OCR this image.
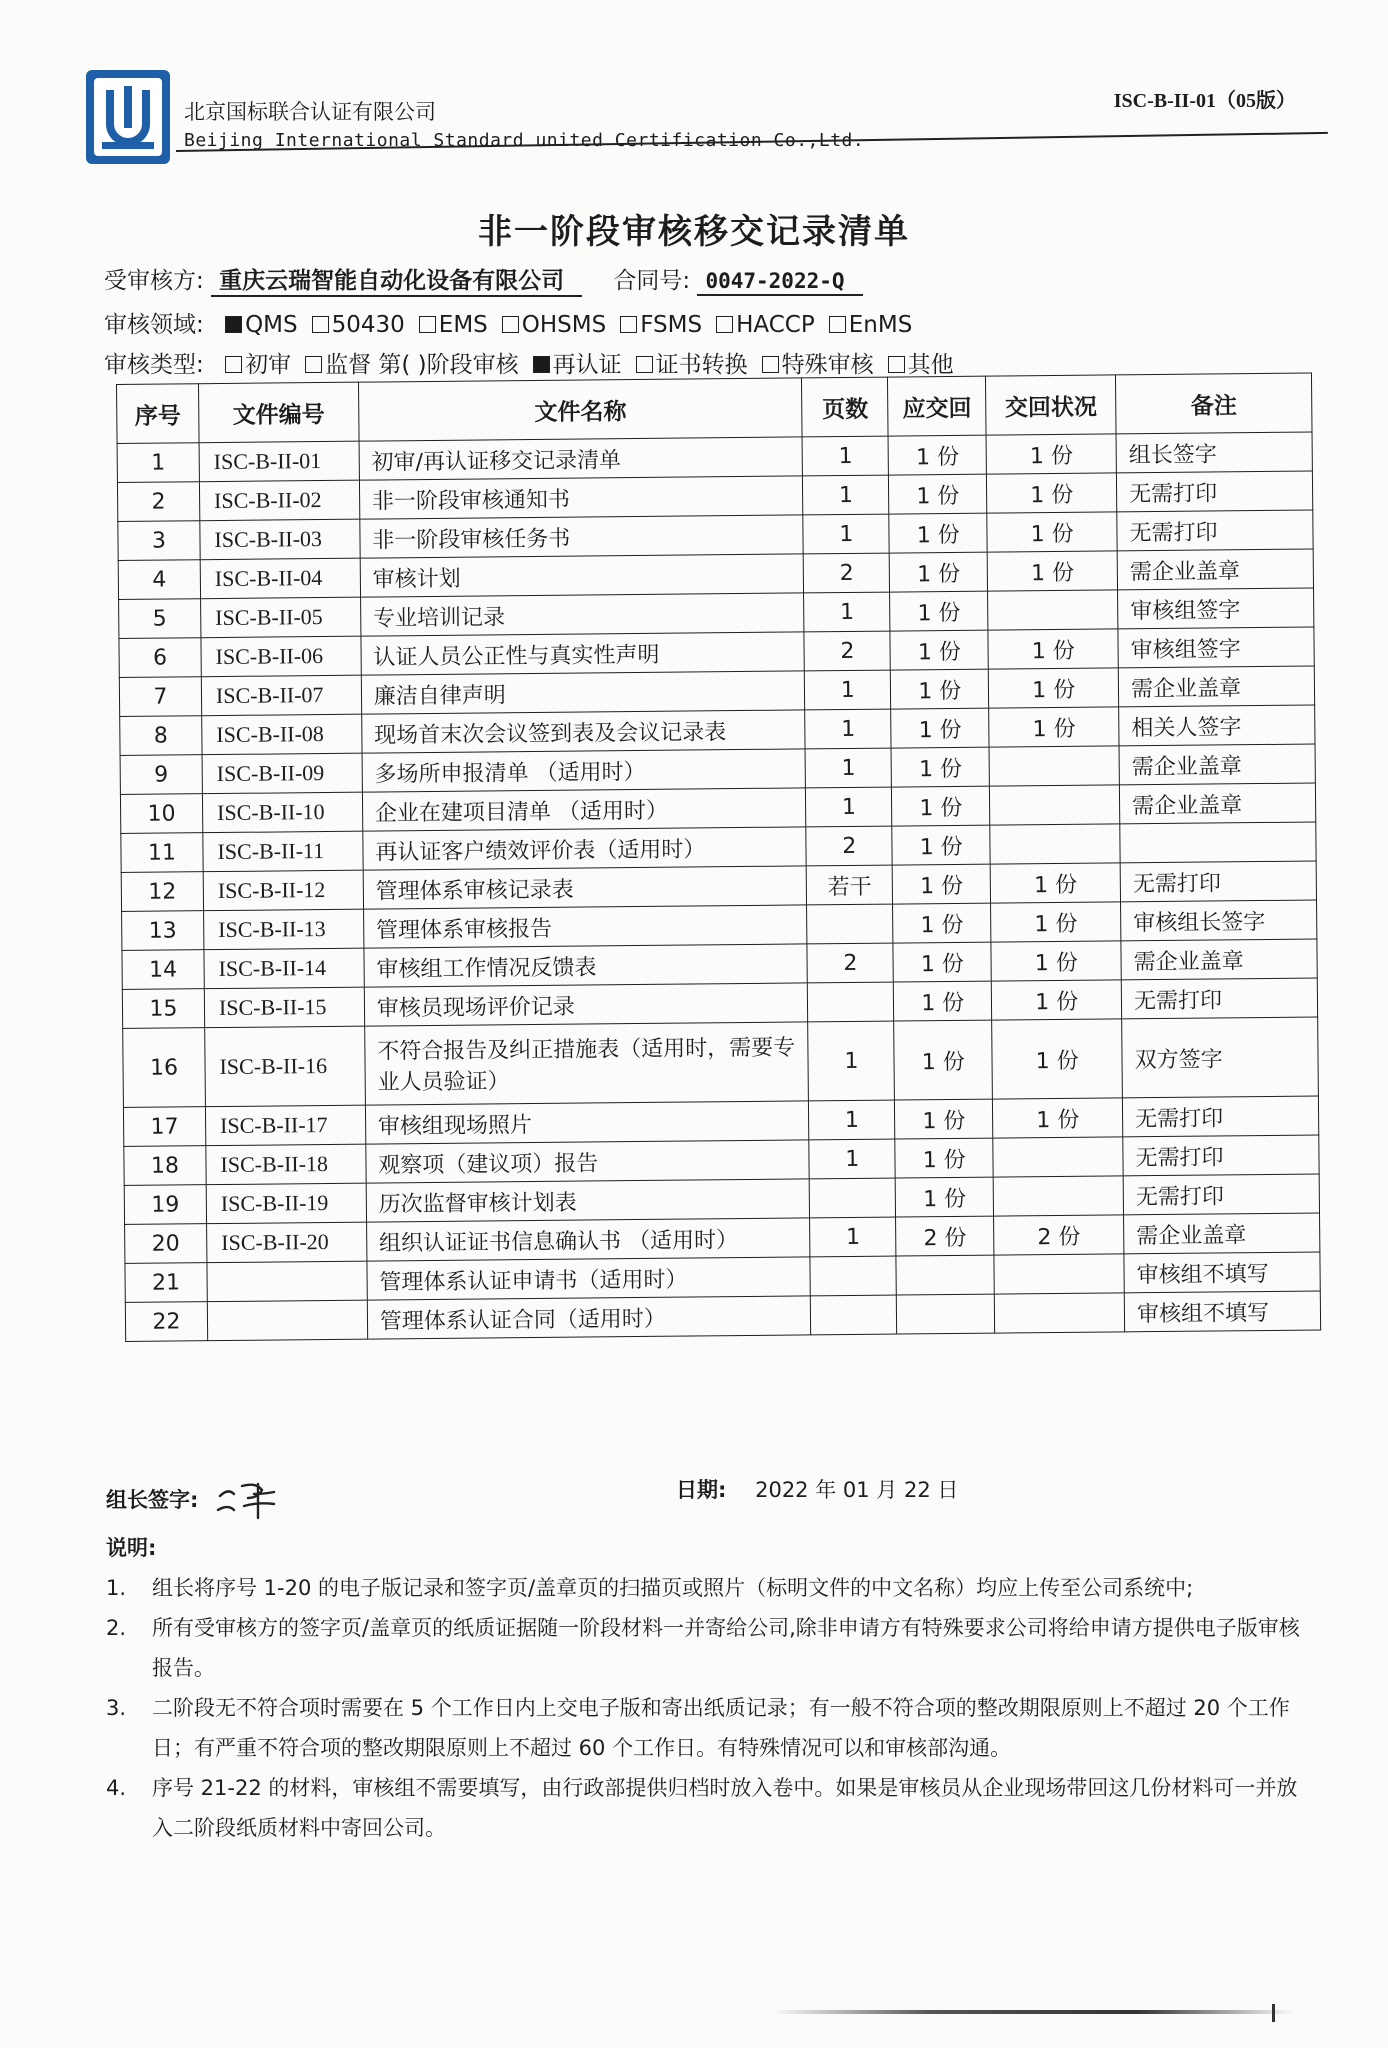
北京国标联合认证有限公司
Beijing International Standard united Certification Co.,Ltd.
ISC-B-II-01（05版）
非一阶段审核移交记录清单
受审核方: 重庆云瑞智能自动化设备有限公司 合同号: 0047-2022-Q
审核领域: QMS 50430 EMS OHSMS FSMS HACCP EnMS
审核类型: 初审 监督 第( )阶段审核 再认证 证书转换 特殊审核 其他
序号	文件编号	文件名称	页数	应交回	交回状况	备注
1	ISC-B-II-01	初审/再认证移交记录清单	1	1 份	1 份	组长签字
2	ISC-B-II-02	非一阶段审核通知书	1	1 份	1 份	无需打印
3	ISC-B-II-03	非一阶段审核任务书	1	1 份	1 份	无需打印
4	ISC-B-II-04	审核计划	2	1 份	1 份	需企业盖章
5	ISC-B-II-05	专业培训记录	1	1 份		审核组签字
6	ISC-B-II-06	认证人员公正性与真实性声明	2	1 份	1 份	审核组签字
7	ISC-B-II-07	廉洁自律声明	1	1 份	1 份	需企业盖章
8	ISC-B-II-08	现场首末次会议签到表及会议记录表	1	1 份	1 份	相关人签字
9	ISC-B-II-09	多场所申报清单 （适用时）	1	1 份		需企业盖章
10	ISC-B-II-10	企业在建项目清单 （适用时）	1	1 份		需企业盖章
11	ISC-B-II-11	再认证客户绩效评价表（适用时）	2	1 份		
12	ISC-B-II-12	管理体系审核记录表	若干	1 份	1 份	无需打印
13	ISC-B-II-13	管理体系审核报告		1 份	1 份	审核组长签字
14	ISC-B-II-14	审核组工作情况反馈表	2	1 份	1 份	需企业盖章
15	ISC-B-II-15	审核员现场评价记录		1 份	1 份	无需打印
16	ISC-B-II-16	不符合报告及纠正措施表（适用时，需要专业人员验证）	1	1 份	1 份	双方签字
17	ISC-B-II-17	审核组现场照片	1	1 份	1 份	无需打印
18	ISC-B-II-18	观察项（建议项）报告	1	1 份		无需打印
19	ISC-B-II-19	历次监督审核计划表		1 份		无需打印
20	ISC-B-II-20	组织认证证书信息确认书 （适用时）	1	2 份	2 份	需企业盖章
21		管理体系认证申请书（适用时）				审核组不填写
22		管理体系认证合同（适用时）				审核组不填写
组长签字:	日期: 2022 年 01 月 22 日
说明:
1.	组长将序号 1-20 的电子版记录和签字页/盖章页的扫描页或照片（标明文件的中文名称）均应上传至公司系统中;
2.	所有受审核方的签字页/盖章页的纸质证据随一阶段材料一并寄给公司,除非申请方有特殊要求公司将给申请方提供电子版审核报告。
3.	二阶段无不符合项时需要在 5 个工作日内上交电子版和寄出纸质记录；有一般不符合项的整改期限原则上不超过 20 个工作日；有严重不符合项的整改期限原则上不超过 60 个工作日。有特殊情况可以和审核部沟通。
4.	序号 21-22 的材料，审核组不需要填写，由行政部提供归档时放入卷中。如果是审核员从企业现场带回这几份材料可一并放入二阶段纸质材料中寄回公司。
